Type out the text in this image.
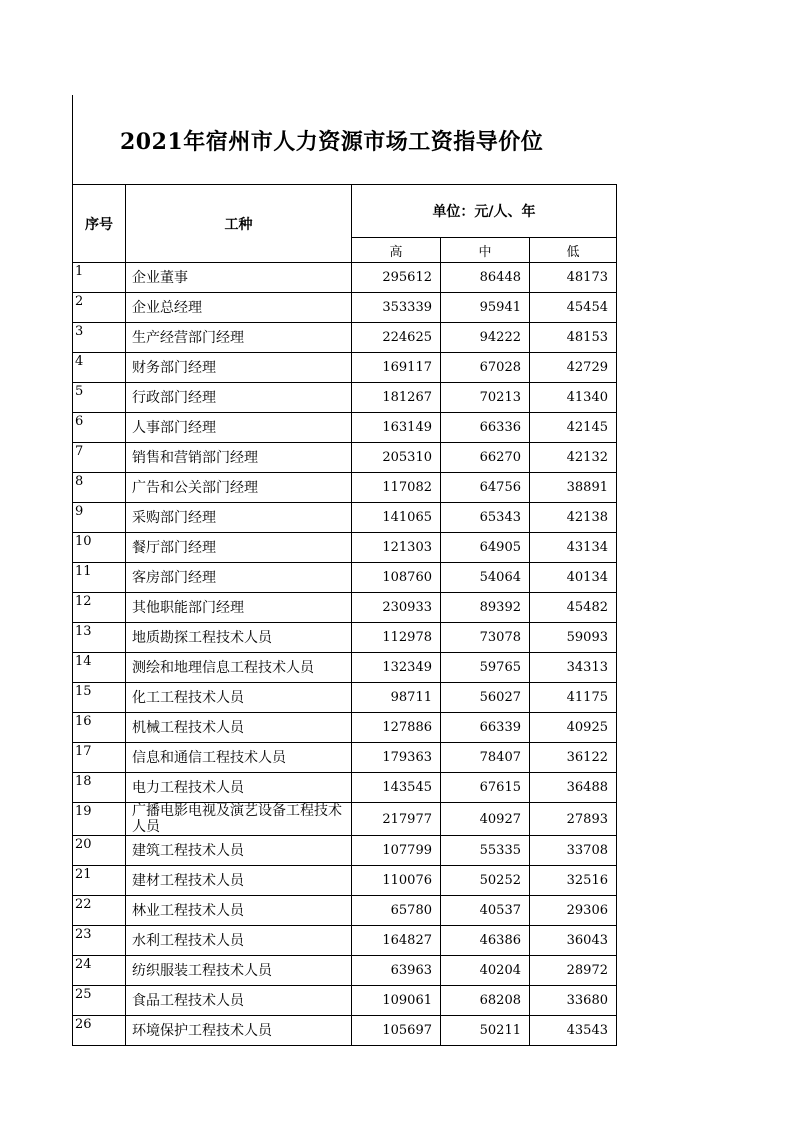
2021年宿州市人力资源市场工资指导价位
序号	工种	单位：元/人、年		
		高	中	低
1	企业董事	295612	86448	48173
2	企业总经理	353339	95941	45454
3	生产经营部门经理	224625	94222	48153
4	财务部门经理	169117	67028	42729
5	行政部门经理	181267	70213	41340
6	人事部门经理	163149	66336	42145
7	销售和营销部门经理	205310	66270	42132
8	广告和公关部门经理	117082	64756	38891
9	采购部门经理	141065	65343	42138
10	餐厅部门经理	121303	64905	43134
11	客房部门经理	108760	54064	40134
12	其他职能部门经理	230933	89392	45482
13	地质勘探工程技术人员	112978	73078	59093
14	测绘和地理信息工程技术人员	132349	59765	34313
15	化工工程技术人员	98711	56027	41175
16	机械工程技术人员	127886	66339	40925
17	信息和通信工程技术人员	179363	78407	36122
18	电力工程技术人员	143545	67615	36488
19	广播电影电视及演艺设备工程技术人员	217977	40927	27893
20	建筑工程技术人员	107799	55335	33708
21	建材工程技术人员	110076	50252	32516
22	林业工程技术人员	65780	40537	29306
23	水利工程技术人员	164827	46386	36043
24	纺织服装工程技术人员	63963	40204	28972
25	食品工程技术人员	109061	68208	33680
26	环境保护工程技术人员	105697	50211	43543
